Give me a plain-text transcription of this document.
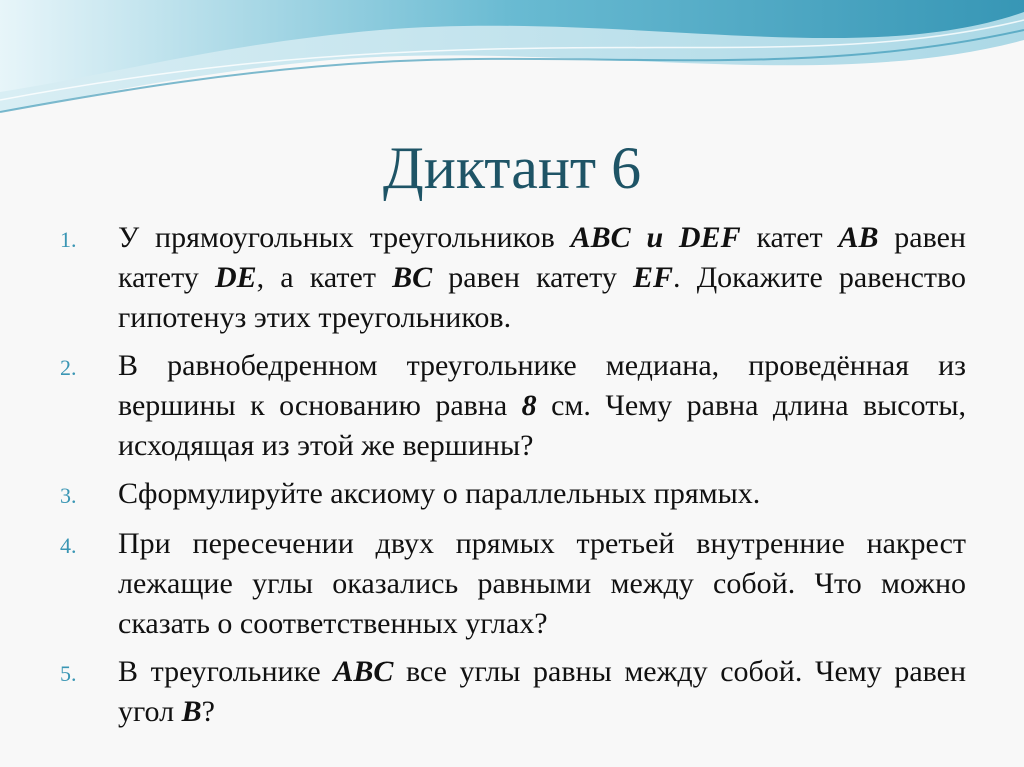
Диктант 6
1.	У прямоугольных треугольников ABC и DEF катет AB равен катету DE, а катет BC равен катету EF. Докажите равенство гипотенуз этих треугольников.
2.	В равнобедренном треугольнике медиана, проведённая из вершины к основанию равна 8 см. Чему равна длина высоты, исходящая из этой же вершины?
3.	Сформулируйте аксиому о параллельных прямых.
4.	При пересечении двух прямых третьей внутренние накрест лежащие углы оказались равными между собой. Что можно сказать о соответственных углах?
5.	В треугольнике ABC все углы равны между собой. Чему равен угол B?
